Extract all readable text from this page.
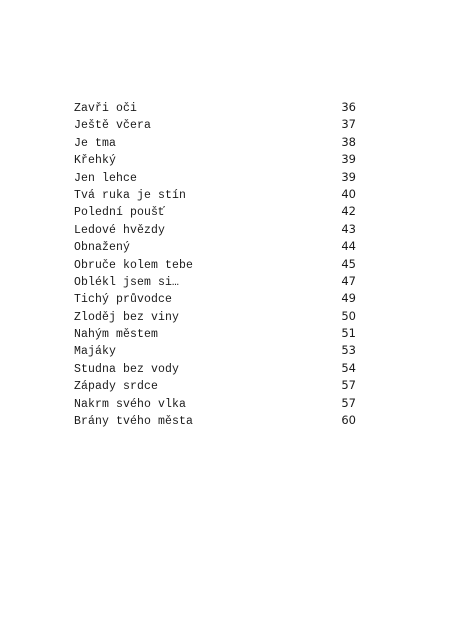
Zavři oči	36
Ještě včera	37
Je tma	38
Křehký	39
Jen lehce	39
Tvá ruka je stín	40
Polední poušť	42
Ledové hvězdy	43
Obnažený	44
Obruče kolem tebe	45
Oblékl jsem si…	47
Tichý průvodce	49
Zloděj bez viny	50
Nahým městem	51
Majáky	53
Studna bez vody	54
Západy srdce	57
Nakrm svého vlka	57
Brány tvého města	60
